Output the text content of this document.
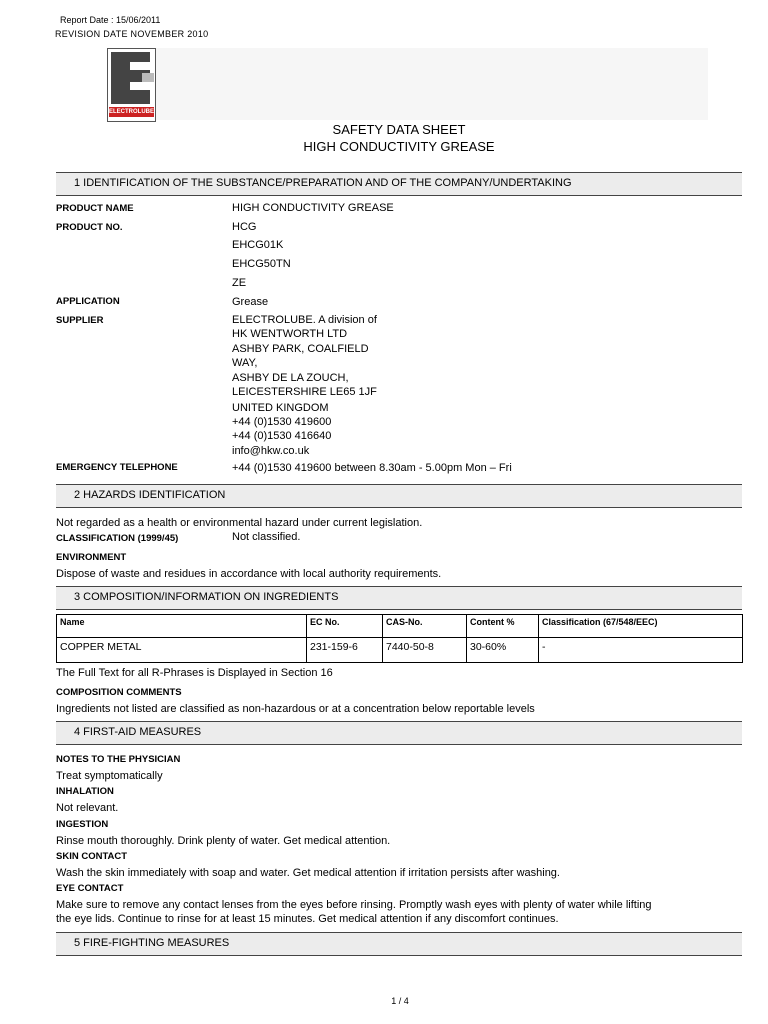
Report Date : 15/06/2011
REVISION DATE NOVEMBER 2010
ELECTROLUBE
SAFETY DATA SHEET
HIGH CONDUCTIVITY GREASE
1 IDENTIFICATION OF THE SUBSTANCE/PREPARATION AND OF THE COMPANY/UNDERTAKING
PRODUCT NAME	HIGH CONDUCTIVITY GREASE
PRODUCT NO.	HCG
EHCG01K
EHCG50TN
ZE
APPLICATION	Grease
SUPPLIER	ELECTROLUBE. A division of
HK WENTWORTH LTD
ASHBY PARK, COALFIELD
WAY,
ASHBY DE LA ZOUCH,
LEICESTERSHIRE LE65 1JF
UNITED KINGDOM
+44 (0)1530 419600
+44 (0)1530 416640
info@hkw.co.uk
EMERGENCY TELEPHONE	+44 (0)1530 419600 between 8.30am - 5.00pm Mon – Fri
2 HAZARDS IDENTIFICATION
Not regarded as a health or environmental hazard under current legislation.
CLASSIFICATION (1999/45)	Not classified.
ENVIRONMENT
Dispose of waste and residues in accordance with local authority requirements.
3 COMPOSITION/INFORMATION ON INGREDIENTS
Name	EC No.	CAS-No.	Content %	Classification (67/548/EEC)
COPPER METAL	231-159-6	7440-50-8	30-60%	-
The Full Text for all R-Phrases is Displayed in Section 16
COMPOSITION COMMENTS
Ingredients not listed are classified as non-hazardous or at a concentration below reportable levels
4 FIRST-AID MEASURES
NOTES TO THE PHYSICIAN
Treat symptomatically
INHALATION
Not relevant.
INGESTION
Rinse mouth thoroughly. Drink plenty of water. Get medical attention.
SKIN CONTACT
Wash the skin immediately with soap and water. Get medical attention if irritation persists after washing.
EYE CONTACT
Make sure to remove any contact lenses from the eyes before rinsing. Promptly wash eyes with plenty of water while lifting
the eye lids. Continue to rinse for at least 15 minutes. Get medical attention if any discomfort continues.
5 FIRE-FIGHTING MEASURES
1 / 4
